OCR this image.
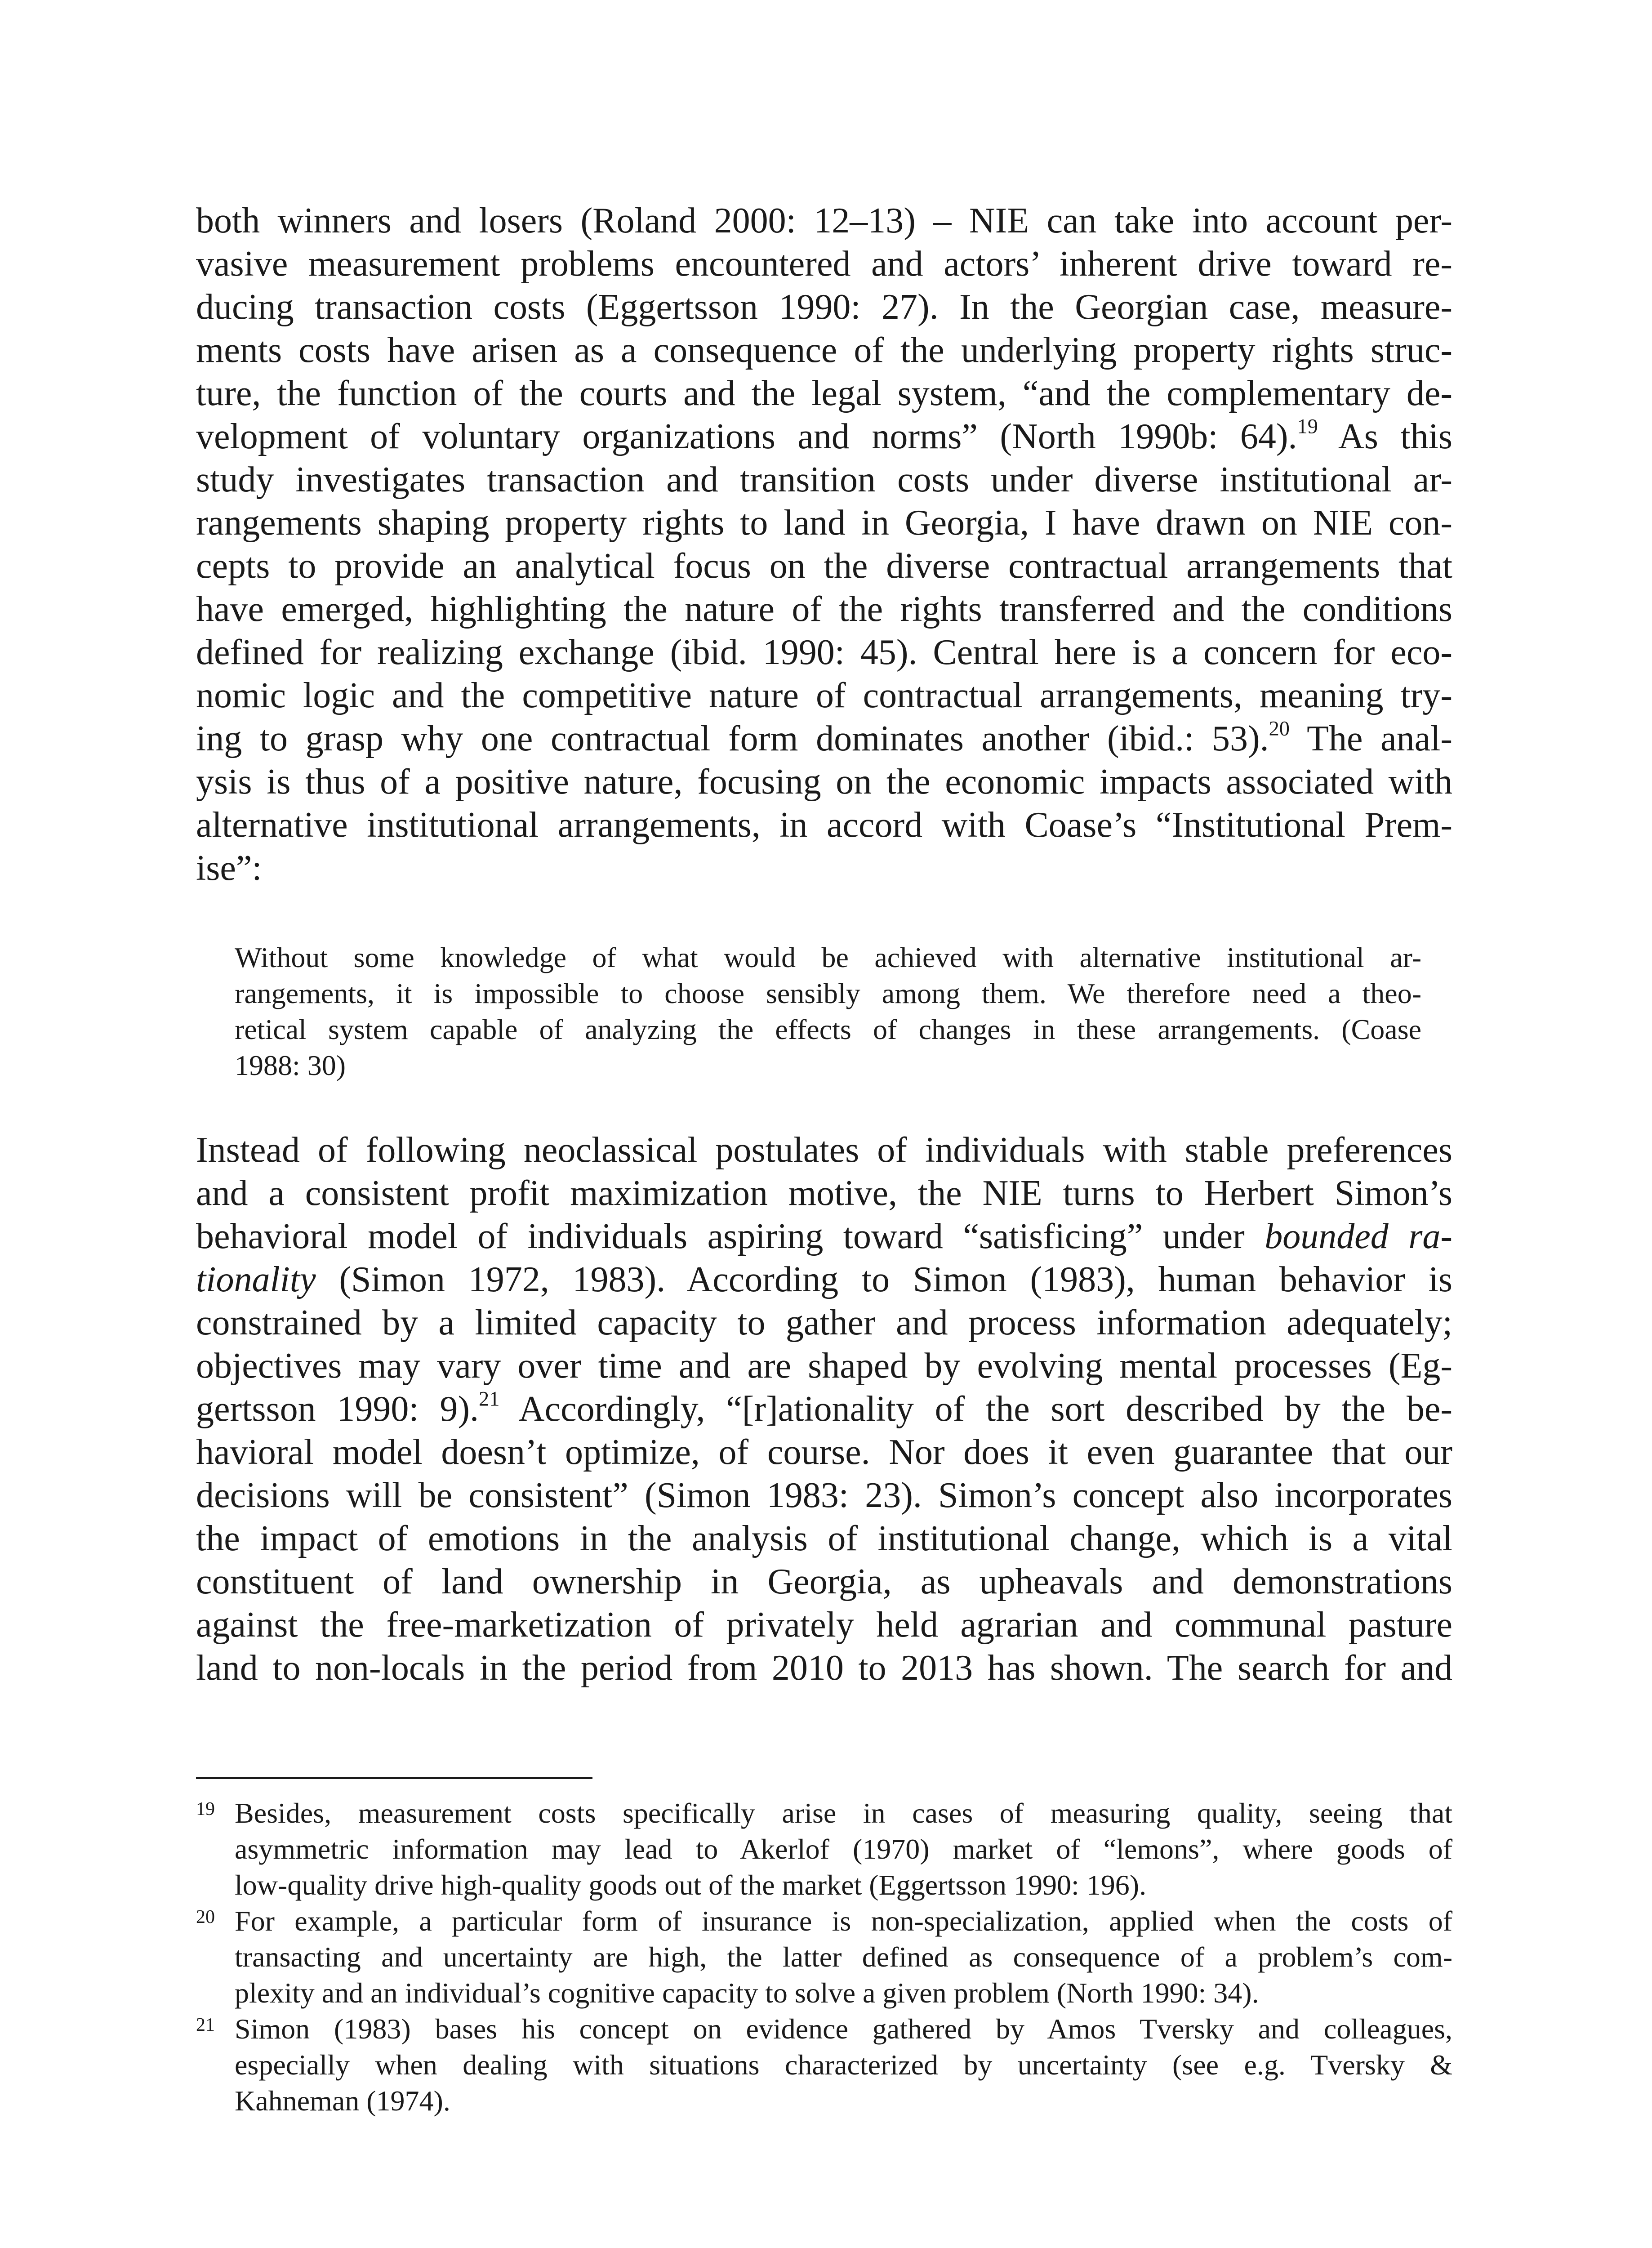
both winners and losers (Roland 2000: 12–13) – NIE can take into account per-
vasive measurement problems encountered and actors’ inherent drive toward re-
ducing transaction costs (Eggertsson 1990: 27). In the Georgian case, measure-
ments costs have arisen as a consequence of the underlying property rights struc-
ture, the function of the courts and the legal system, “and the complementary de-
velopment of voluntary organizations and norms” (North 1990b: 64).$^{19}$ As this
study investigates transaction and transition costs under diverse institutional ar-
rangements shaping property rights to land in Georgia, I have drawn on NIE con-
cepts to provide an analytical focus on the diverse contractual arrangements that
have emerged, highlighting the nature of the rights transferred and the conditions
defined for realizing exchange (ibid. 1990: 45). Central here is a concern for eco-
nomic logic and the competitive nature of contractual arrangements, meaning try-
ing to grasp why one contractual form dominates another (ibid.: 53).$^{20}$ The anal-
ysis is thus of a positive nature, focusing on the economic impacts associated with
alternative institutional arrangements, in accord with Coase’s “Institutional Prem-
ise”:
Without some knowledge of what would be achieved with alternative institutional ar-
rangements, it is impossible to choose sensibly among them. We therefore need a theo-
retical system capable of analyzing the effects of changes in these arrangements. (Coase
1988: 30)
Instead of following neoclassical postulates of individuals with stable preferences
and a consistent profit maximization motive, the NIE turns to Herbert Simon’s
behavioral model of individuals aspiring toward “satisficing” under bounded ra-
tionality (Simon 1972, 1983). According to Simon (1983), human behavior is
constrained by a limited capacity to gather and process information adequately;
objectives may vary over time and are shaped by evolving mental processes (Eg-
gertsson 1990: 9).$^{21}$ Accordingly, “[r]ationality of the sort described by the be-
havioral model doesn’t optimize, of course. Nor does it even guarantee that our
decisions will be consistent” (Simon 1983: 23). Simon’s concept also incorporates
the impact of emotions in the analysis of institutional change, which is a vital
constituent of land ownership in Georgia, as upheavals and demonstrations
against the free-marketization of privately held agrarian and communal pasture
land to non-locals in the period from 2010 to 2013 has shown. The search for and
19 Besides, measurement costs specifically arise in cases of measuring quality, seeing that
asymmetric information may lead to Akerlof (1970) market of “lemons”, where goods of
low-quality drive high-quality goods out of the market (Eggertsson 1990: 196).
20 For example, a particular form of insurance is non-specialization, applied when the costs of
transacting and uncertainty are high, the latter defined as consequence of a problem’s com-
plexity and an individual’s cognitive capacity to solve a given problem (North 1990: 34).
21 Simon (1983) bases his concept on evidence gathered by Amos Tversky and colleagues,
especially when dealing with situations characterized by uncertainty (see e.g. Tversky &
Kahneman (1974).
